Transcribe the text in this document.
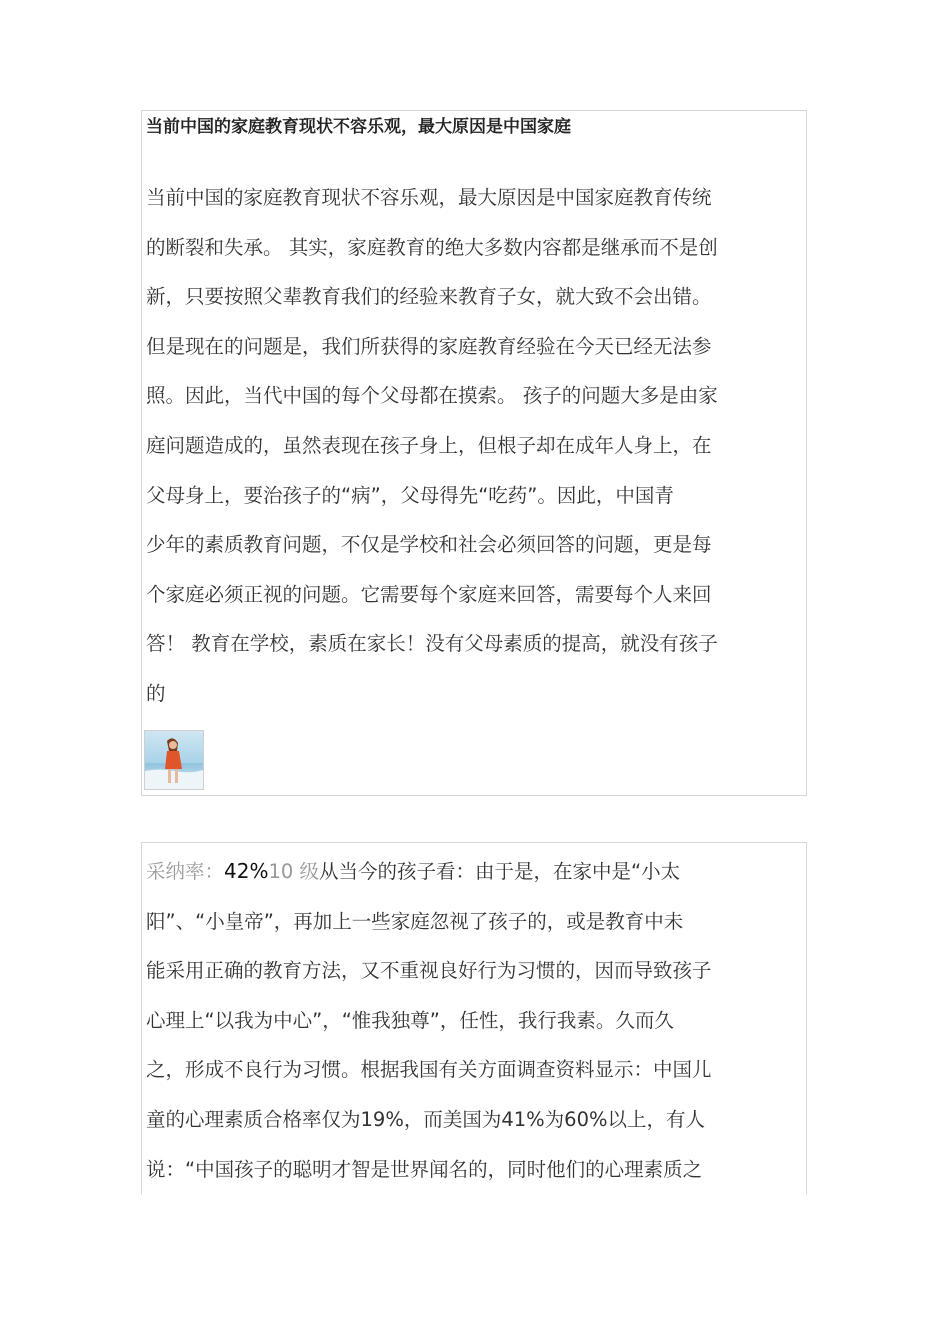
当前中国的家庭教育现状不容乐观，最大原因是中国家庭
当前中国的家庭教育现状不容乐观，最大原因是中国家庭教育传统
的断裂和失承。 其实，家庭教育的绝大多数内容都是继承而不是创
新，只要按照父辈教育我们的经验来教育子女，就大致不会出错。
但是现在的问题是，我们所获得的家庭教育经验在今天已经无法参
照。因此，当代中国的每个父母都在摸索。 孩子的问题大多是由家
庭问题造成的，虽然表现在孩子身上，但根子却在成年人身上，在
父母身上，要治孩子的“病”，父母得先“吃药”。因此，中国青
少年的素质教育问题，不仅是学校和社会必须回答的问题，更是每
个家庭必须正视的问题。它需要每个家庭来回答，需要每个人来回
答！ 教育在学校，素质在家长！没有父母素质的提高，就没有孩子
的
采纳率：42%10 级从当今的孩子看：由于是，在家中是“小太
阳”、“小皇帝”，再加上一些家庭忽视了孩子的，或是教育中未
能采用正确的教育方法，又不重视良好行为习惯的，因而导致孩子
心理上“以我为中心”，“惟我独尊”，任性，我行我素。久而久
之，形成不良行为习惯。根据我国有关方面调查资料显示：中国儿
童的心理素质合格率仅为19%，而美国为41%为60%以上，有人
说：“中国孩子的聪明才智是世界闻名的，同时他们的心理素质之
